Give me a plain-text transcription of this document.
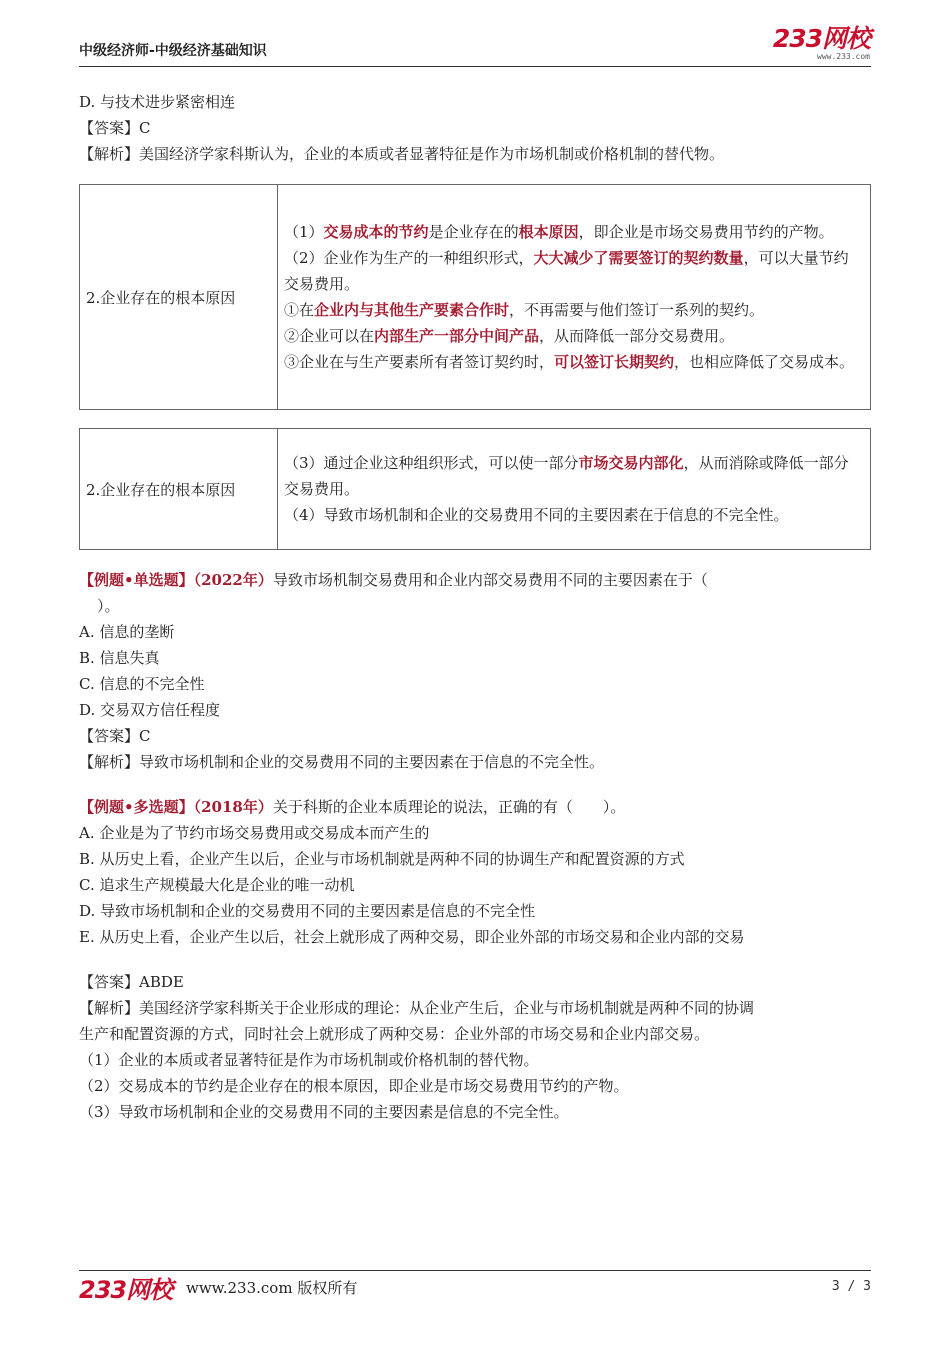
中级经济师-中级经济基础知识	233网校
www.233.com
D. 与技术进步紧密相连
【答案】C
【解析】美国经济学家科斯认为，企业的本质或者显著特征是作为市场机制或价格机制的替代物。
2.企业存在的根本原因	
（1）交易成本的节约是企业存在的根本原因，即企业是市场交易费用节约的产物。
（2）企业作为生产的一种组织形式，大大减少了需要签订的契约数量，可以大量节约交易费用。
①在企业内与其他生产要素合作时，不再需要与他们签订一系列的契约。
②企业可以在内部生产一部分中间产品，从而降低一部分交易费用。
③企业在与生产要素所有者签订契约时，可以签订长期契约，也相应降低了交易成本。
2.企业存在的根本原因	
（3）通过企业这种组织形式，可以使一部分市场交易内部化，从而消除或降低一部分交易费用。
（4）导致市场机制和企业的交易费用不同的主要因素在于信息的不完全性。
【例题•单选题】（2022年）导致市场机制交易费用和企业内部交易费用不同的主要因素在于（
）。
A. 信息的垄断
B. 信息失真
C. 信息的不完全性
D. 交易双方信任程度
【答案】C
【解析】导致市场机制和企业的交易费用不同的主要因素在于信息的不完全性。
【例题•多选题】（2018年）关于科斯的企业本质理论的说法，正确的有（　　）。
A. 企业是为了节约市场交易费用或交易成本而产生的
B. 从历史上看，企业产生以后，企业与市场机制就是两种不同的协调生产和配置资源的方式
C. 追求生产规模最大化是企业的唯一动机
D. 导致市场机制和企业的交易费用不同的主要因素是信息的不完全性
E. 从历史上看，企业产生以后，社会上就形成了两种交易，即企业外部的市场交易和企业内部的交易
【答案】ABDE
【解析】美国经济学家科斯关于企业形成的理论：从企业产生后，企业与市场机制就是两种不同的协调
生产和配置资源的方式，同时社会上就形成了两种交易：企业外部的市场交易和企业内部交易。
（1）企业的本质或者显著特征是作为市场机制或价格机制的替代物。
（2）交易成本的节约是企业存在的根本原因，即企业是市场交易费用节约的产物。
（3）导致市场机制和企业的交易费用不同的主要因素是信息的不完全性。
233网校 www.233.com 版权所有	3 / 3
